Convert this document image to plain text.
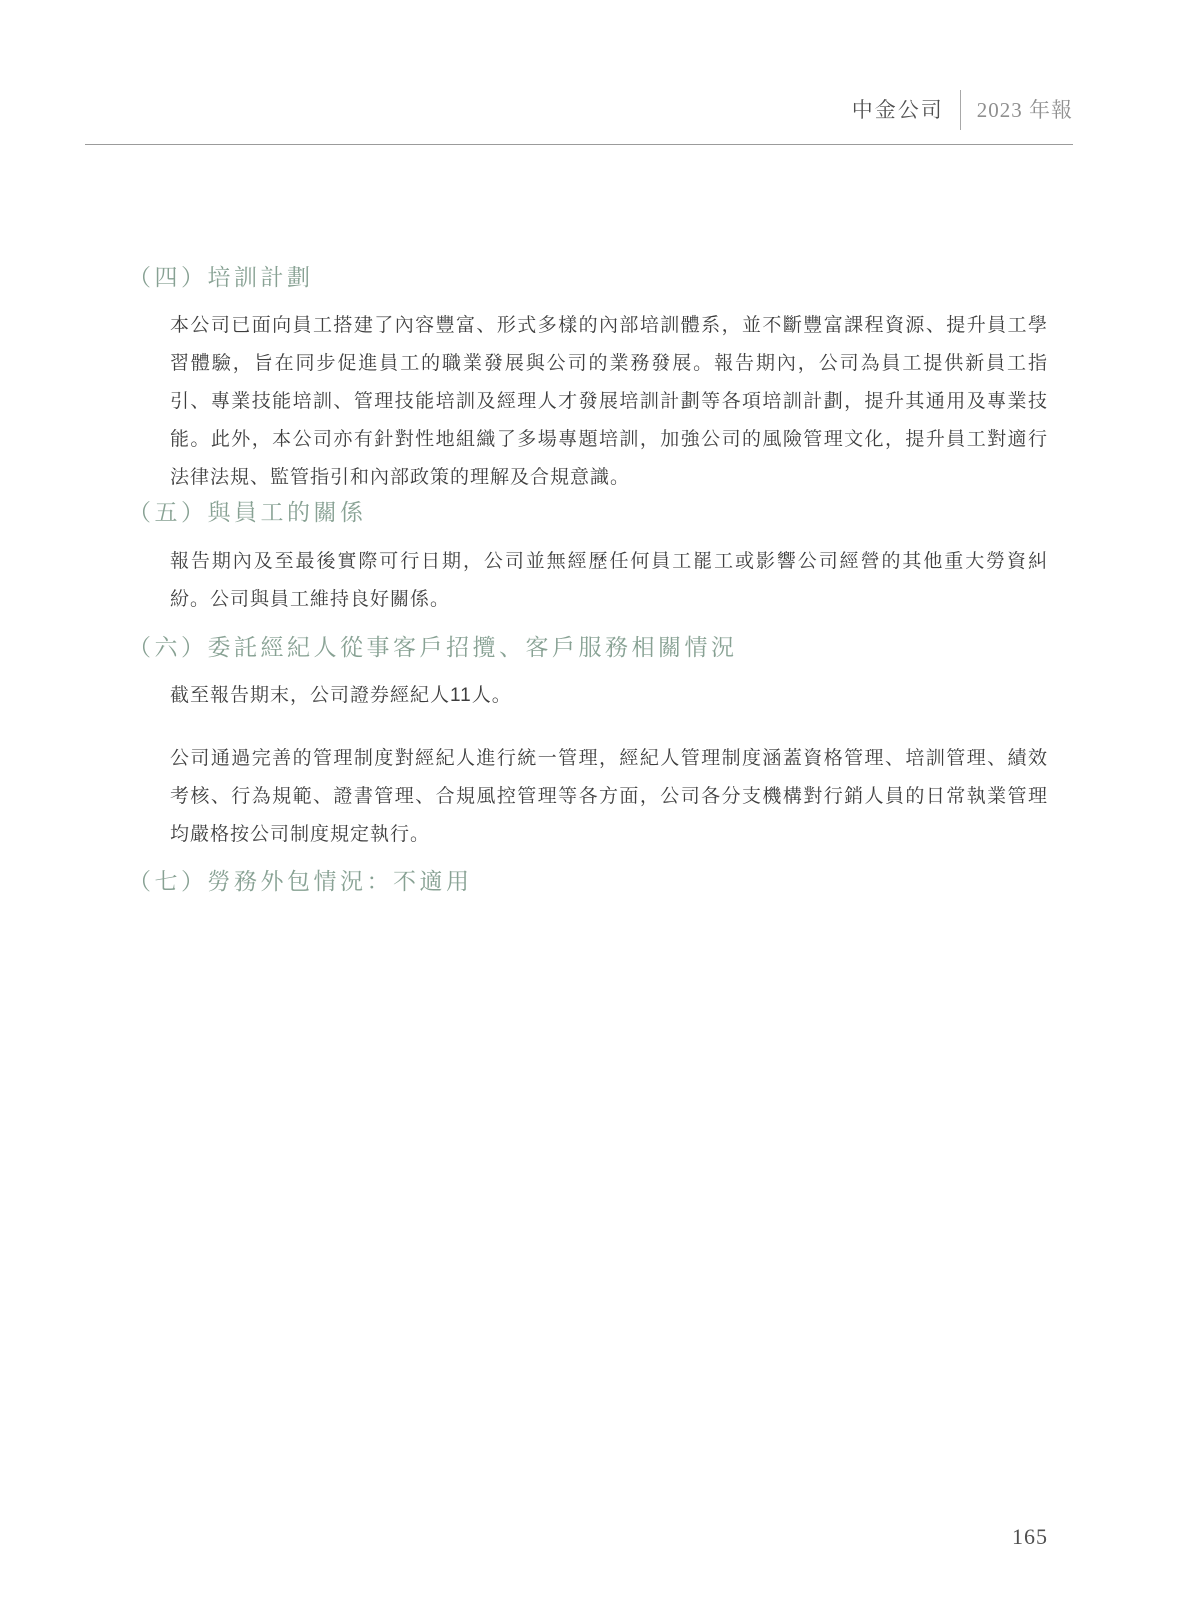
中金公司	2023 年報
（四）培訓計劃
本公司已面向員工搭建了內容豐富、形式多樣的內部培訓體系，並不斷豐富課程資源、提升員工學習體驗，旨在同步促進員工的職業發展與公司的業務發展。報告期內，公司為員工提供新員工指引、專業技能培訓、管理技能培訓及經理人才發展培訓計劃等各項培訓計劃，提升其通用及專業技能。此外，本公司亦有針對性地組織了多場專題培訓，加強公司的風險管理文化，提升員工對適行法律法規、監管指引和內部政策的理解及合規意識。
（五）與員工的關係
報告期內及至最後實際可行日期，公司並無經歷任何員工罷工或影響公司經營的其他重大勞資糾紛。公司與員工維持良好關係。
（六）委託經紀人從事客戶招攬、客戶服務相關情況
截至報告期末，公司證券經紀人11人。
公司通過完善的管理制度對經紀人進行統一管理，經紀人管理制度涵蓋資格管理、培訓管理、績效考核、行為規範、證書管理、合規風控管理等各方面，公司各分支機構對行銷人員的日常執業管理均嚴格按公司制度規定執行。
（七）勞務外包情況：不適用
165
